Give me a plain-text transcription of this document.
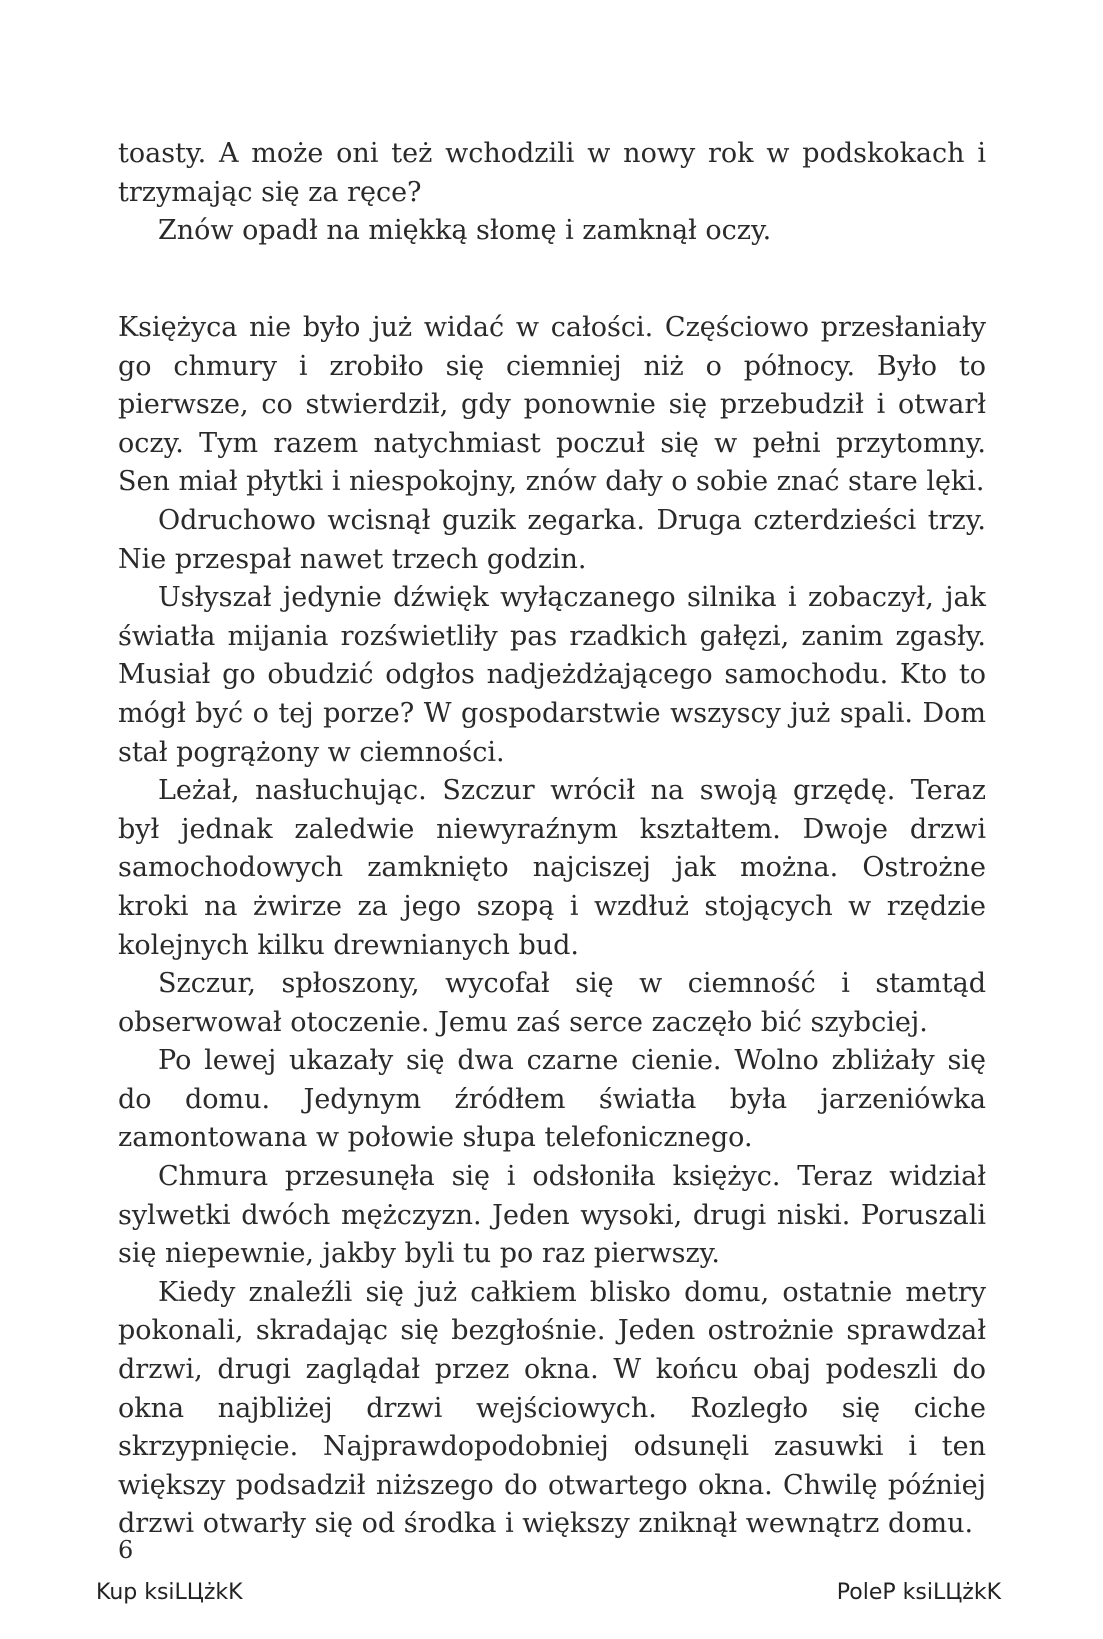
toasty. A może oni też wchodzili w nowy rok w podskokach i trzymając się za ręce?

Znów opadł na miękką słomę i zamknął oczy.

Księżyca nie było już widać w całości. Częściowo przesłaniały go chmury i zrobiło się ciemniej niż o północy. Było to pierwsze, co stwierdził, gdy ponownie się przebudził i otwarł oczy. Tym razem natychmiast poczuł się w pełni przytomny. Sen miał płytki i niespokojny, znów dały o sobie znać stare lęki.

Odruchowo wcisnął guzik zegarka. Druga czterdzieści trzy. Nie przespał nawet trzech godzin.

Usłyszał jedynie dźwięk wyłączanego silnika i zobaczył, jak światła mijania rozświetliły pas rzadkich gałęzi, zanim zgasły. Musiał go obudzić odgłos nadjeżdżającego samochodu. Kto to mógł być o tej porze? W gospodarstwie wszyscy już spali. Dom stał pogrążony w ciemności.

Leżał, nasłuchując. Szczur wrócił na swoją grzędę. Teraz był jednak zaledwie niewyraźnym kształtem. Dwoje drzwi samochodowych zamknięto najciszej jak można. Ostrożne kroki na żwirze za jego szopą i wzdłuż stojących w rzędzie kolejnych kilku drewnianych bud.

Szczur, spłoszony, wycofał się w ciemność i stamtąd obserwował otoczenie. Jemu zaś serce zaczęło bić szybciej.

Po lewej ukazały się dwa czarne cienie. Wolno zbliżały się do domu. Jedynym źródłem światła była jarzeniówka zamontowana w połowie słupa telefonicznego.

Chmura przesunęła się i odsłoniła księżyc. Teraz widział sylwetki dwóch mężczyzn. Jeden wysoki, drugi niski. Poruszali się niepewnie, jakby byli tu po raz pierwszy.

Kiedy znaleźli się już całkiem blisko domu, ostatnie metry pokonali, skradając się bezgłośnie. Jeden ostrożnie sprawdzał drzwi, drugi zaglądał przez okna. W końcu obaj podeszli do okna najbliżej drzwi wejściowych. Rozległo się ciche skrzypnięcie. Najprawdopodobniej odsunęli zasuwki i ten większy podsadził niższego do otwartego okna. Chwilę później drzwi otwarły się od środka i większy zniknął wewnątrz domu.

6
Kup ksiLЦżkK	PoleP ksiLЦżkK
